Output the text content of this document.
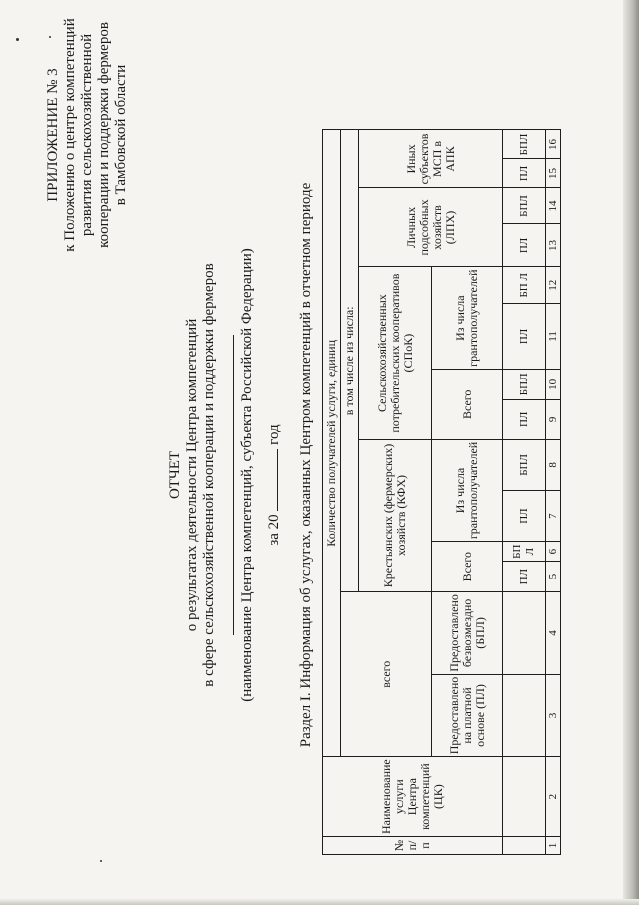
ПРИЛОЖЕНИЕ № 3 к Положению о центре компетенций развития сельскохозяйственной кооперации и поддержки фермеров в Тамбовской области
ОТЧЕТ о результатах деятельности Центра компетенций в сфере сельскохозяйственной кооперации и поддержки фермеров (наименование Центра компетенций, субъекта Российской Федерации) за 20  год Раздел I. Информация об услугах, оказанных Центром компетенций в отчетном периоде
№ п/п	Наименование услуги Центра компетенций (ЦК)	Количество получателей услуги, единиц													
		всего		в том числе из числа:											
				Крестьянских (фермерских) хозяйств (КФХ)				Сельскохозяйственных потребительских кооперативов (СПоК)				Личных подсобных хозяйств (ЛПХ)		Иных субъектов МСП в АПК	
		Предоставлено на платной основе (ПЛ)	Предоставлено безвозмездно (БПЛ)	Всего		Из числа грантополучателей		Всего		Из числа грантополучателей					
				ПЛ	БП Л	ПЛ	БПЛ	ПЛ	БПЛ	ПЛ	БП Л	ПЛ	БПЛ	ПЛ	БПЛ
1	2	3	4	5	6	7	8	9	10	11	12	13	14	15	16
